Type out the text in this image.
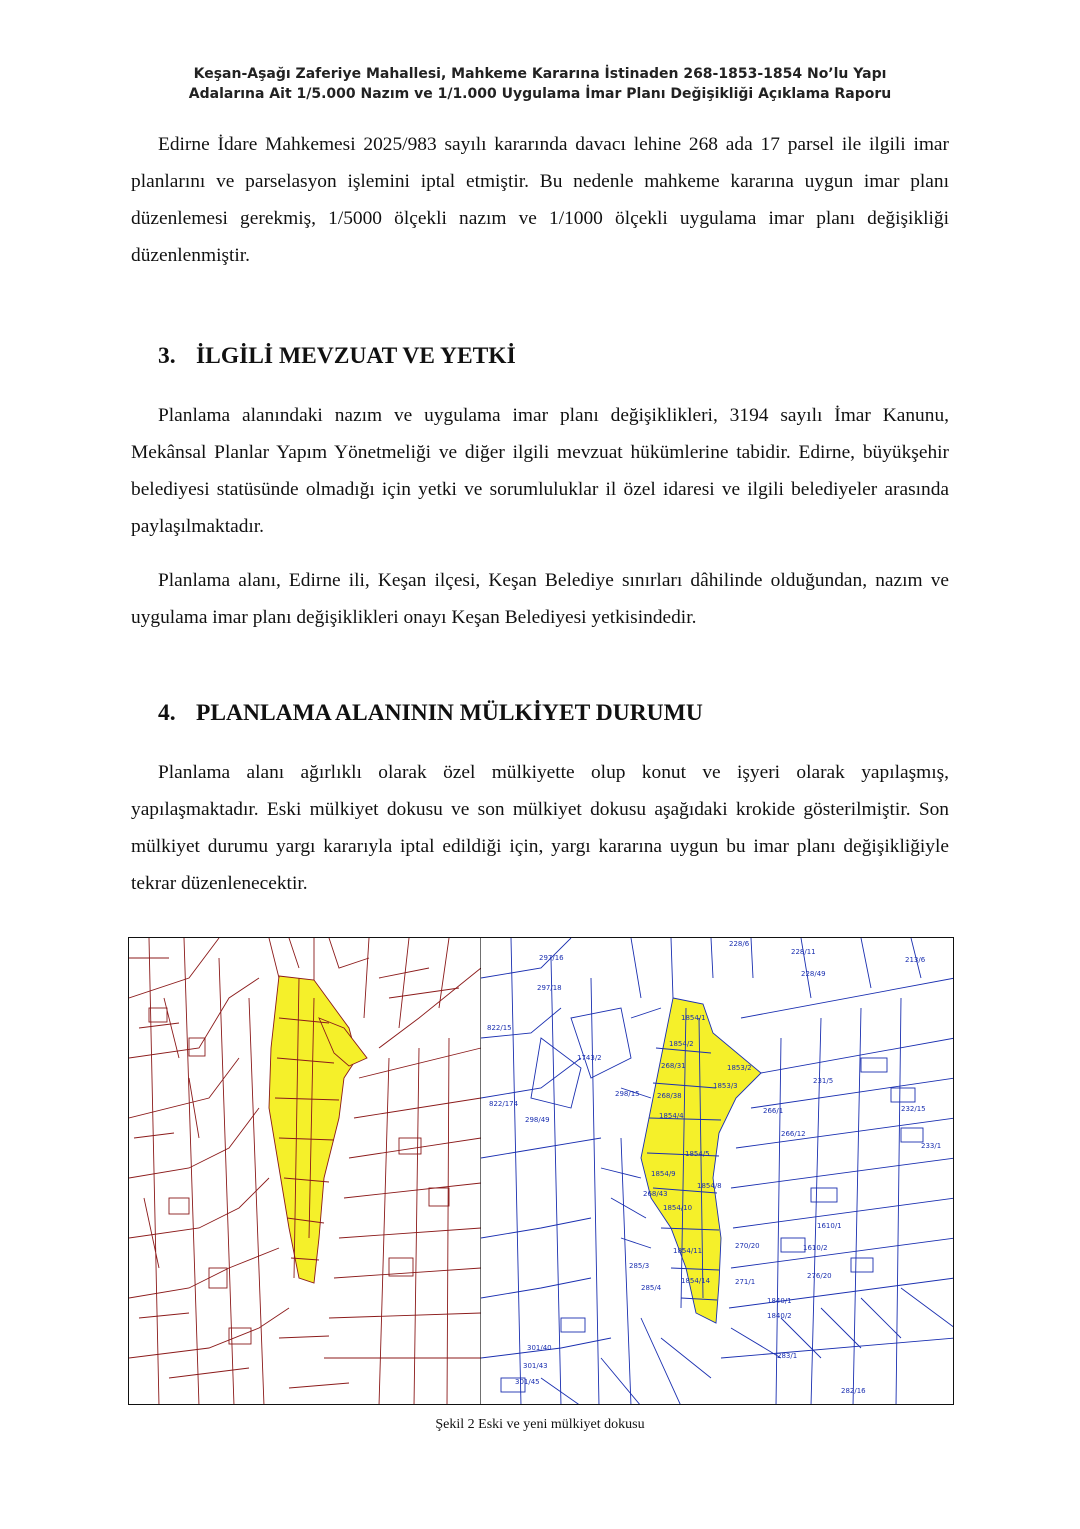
Keşan-Aşağı Zaferiye Mahallesi, Mahkeme Kararına İstinaden 268-1853-1854 No’lu Yapı
Adalarına Ait 1/5.000 Nazım ve 1/1.000 Uygulama İmar Planı Değişikliği Açıklama Raporu

Edirne İdare Mahkemesi 2025/983 sayılı kararında davacı lehine 268 ada 17 parsel ile ilgili imar planlarını ve parselasyon işlemini iptal etmiştir. Bu nedenle mahkeme kararına uygun imar planı düzenlemesi gerekmiş, 1/5000 ölçekli nazım ve 1/1000 ölçekli uygulama imar planı değişikliği düzenlenmiştir.

3. İLGİLİ MEVZUAT VE YETKİ

Planlama alanındaki nazım ve uygulama imar planı değişiklikleri, 3194 sayılı İmar Kanunu, Mekânsal Planlar Yapım Yönetmeliği ve diğer ilgili mevzuat hükümlerine tabidir. Edirne, büyükşehir belediyesi statüsünde olmadığı için yetki ve sorumluluklar il özel idaresi ve ilgili belediyeler arasında paylaşılmaktadır.

Planlama alanı, Edirne ili, Keşan ilçesi, Keşan Belediye sınırları dâhilinde olduğundan, nazım ve uygulama imar planı değişiklikleri onayı Keşan Belediyesi yetkisindedir.

4. PLANLAMA ALANININ MÜLKİYET DURUMU

Planlama alanı ağırlıklı olarak özel mülkiyette olup konut ve işyeri olarak yapılaşmış, yapılaşmaktadır. Eski mülkiyet dokusu ve son mülkiyet dokusu aşağıdaki krokide gösterilmiştir. Son mülkiyet durumu yargı kararıyla iptal edildiği için, yargı kararına uygun bu imar planı değişikliğiyle tekrar düzenlenecektir.

1854/1
1854/2
268/31	1853/2
1853/3
268/38
1854/4
1854/5
1854/8
1854/9
268/43
1854/10
1854/11
1854/14
266/1
266/12
231/5
232/15
233/1
1610/1
1610/2
270/20
271/1
276/20
1840/1
1840/2
283/1
282/16
285/4
285/3
301/40
301/43
301/45
297/16
297/18
298/15
1743/2
228/6
228/11
213/6
228/49
822/15
822/174
298/49
Şekil 2 Eski ve yeni mülkiyet dokusu
